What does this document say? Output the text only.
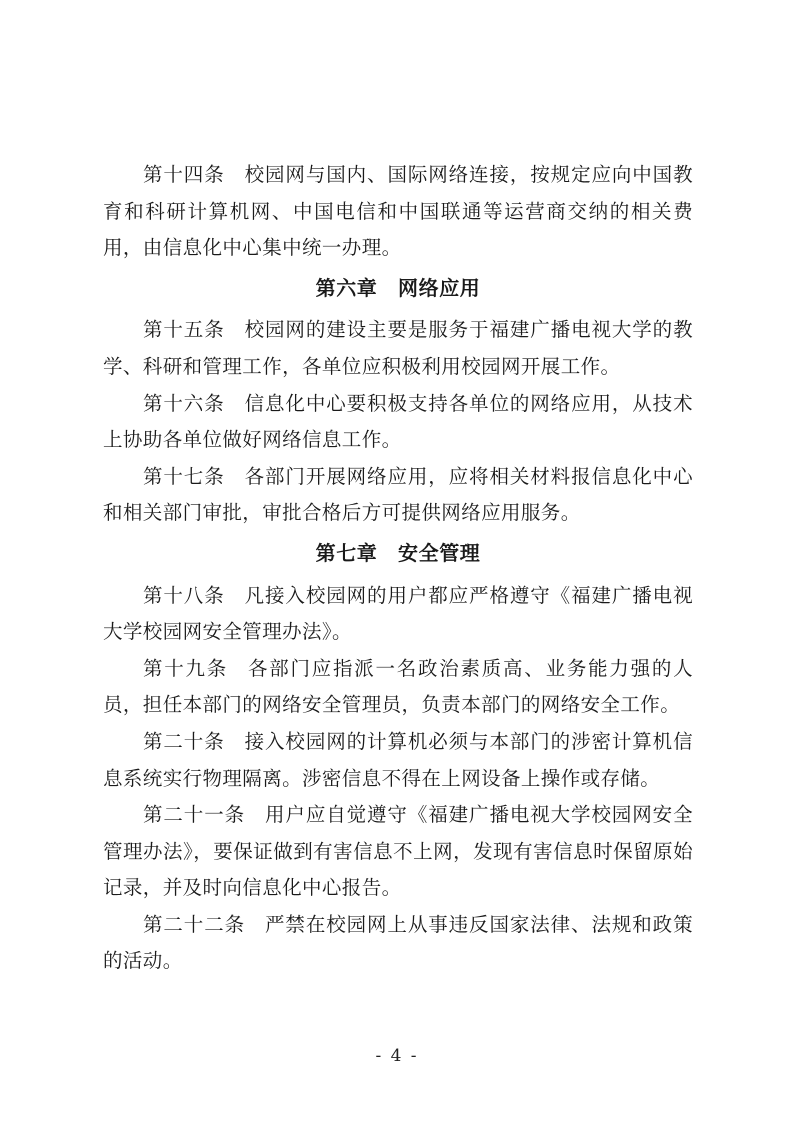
第十四条 校园网与国内、国际网络连接，按规定应向中国教育和科研计算机网、中国电信和中国联通等运营商交纳的相关费用，由信息化中心集中统一办理。

第六章　网络应用

第十五条 校园网的建设主要是服务于福建广播电视大学的教学、科研和管理工作，各单位应积极利用校园网开展工作。

第十六条 信息化中心要积极支持各单位的网络应用，从技术上协助各单位做好网络信息工作。

第十七条 各部门开展网络应用，应将相关材料报信息化中心和相关部门审批，审批合格后方可提供网络应用服务。

第七章　安全管理

第十八条 凡接入校园网的用户都应严格遵守《福建广播电视大学校园网安全管理办法》。

第十九条 各部门应指派一名政治素质高、业务能力强的人员，担任本部门的网络安全管理员，负责本部门的网络安全工作。

第二十条 接入校园网的计算机必须与本部门的涉密计算机信息系统实行物理隔离。涉密信息不得在上网设备上操作或存储。

第二十一条 用户应自觉遵守《福建广播电视大学校园网安全管理办法》，要保证做到有害信息不上网，发现有害信息时保留原始记录，并及时向信息化中心报告。

第二十二条 严禁在校园网上从事违反国家法律、法规和政策的活动。

- 4 -
